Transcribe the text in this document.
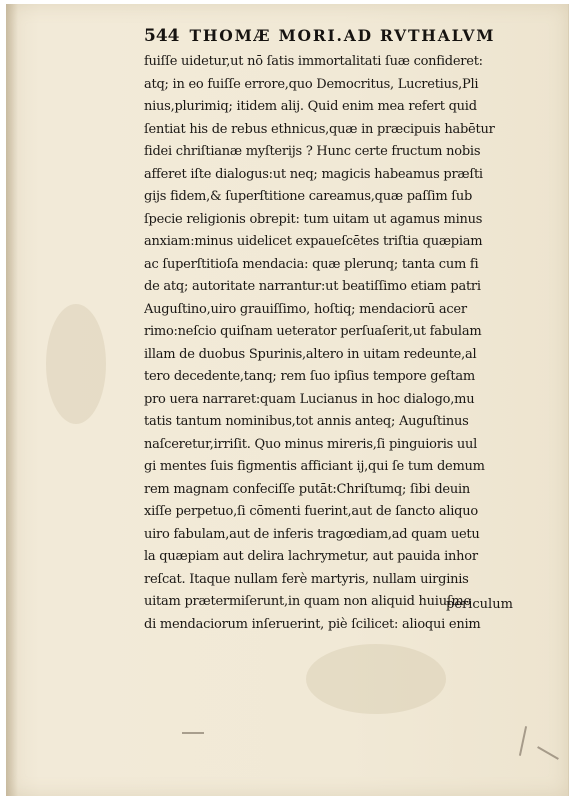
544 THOMÆ MORI.AD RVTHALVM
fuiſſe uidetur,ut nō ſatis immortalitati ſuæ confideret:
atq; in eo fuiſſe errore,quo Democritus, Lucretius,Pli
nius,plurimiq; itidem alij. Quid enim mea refert quid
ſentiat his de rebus ethnicus,quæ in præcipuis habētur
fidei chriſtianæ myſterijs ? Hunc certe fructum nobis
afferet iſte dialogus:ut neq; magicis habeamus præſti
gijs fidem,& ſuperſtitione careamus,quæ paſſim ſub
ſpecie religionis obrepit: tum uitam ut agamus minus
anxiam:minus uidelicet expaueſcētes triſtia quæpiam
ac ſuperſtitioſa mendacia: quæ plerunq; tanta cum fi
de atq; autoritate narrantur:ut beatiſſimo etiam patri
Auguſtino,uiro grauiſſimo, hoſtiq; mendaciorū acer
rimo:neſcio quiſnam ueterator perſuaſerit,ut fabulam
illam de duobus Spurinis,altero in uitam redeunte,al
tero decedente,tanq; rem ſuo ipſius tempore geſtam
pro uera narraret:quam Lucianus in hoc dialogo,mu
tatis tantum nominibus,tot annis anteq; Auguſtinus
naſceretur,irriſit. Quo minus mireris,ſi pinguioris uul
gi mentes ſuis figmentis afficiant ij,qui ſe tum demum
rem magnam confeciſſe putāt:Chriſtumq; ſibi deuin
xiſſe perpetuo,ſi cōmenti fuerint,aut de ſancto aliquo
uiro fabulam,aut de inferis tragœdiam,ad quam uetu
la quæpiam aut delira lachrymetur, aut pauida inhor
reſcat. Itaque nullam ferè martyris, nullam uirginis
uitam prætermiſerunt,in quam non aliquid huiuſmo
di mendaciorum inſeruerint, piè ſcilicet: alioqui enim
periculum
